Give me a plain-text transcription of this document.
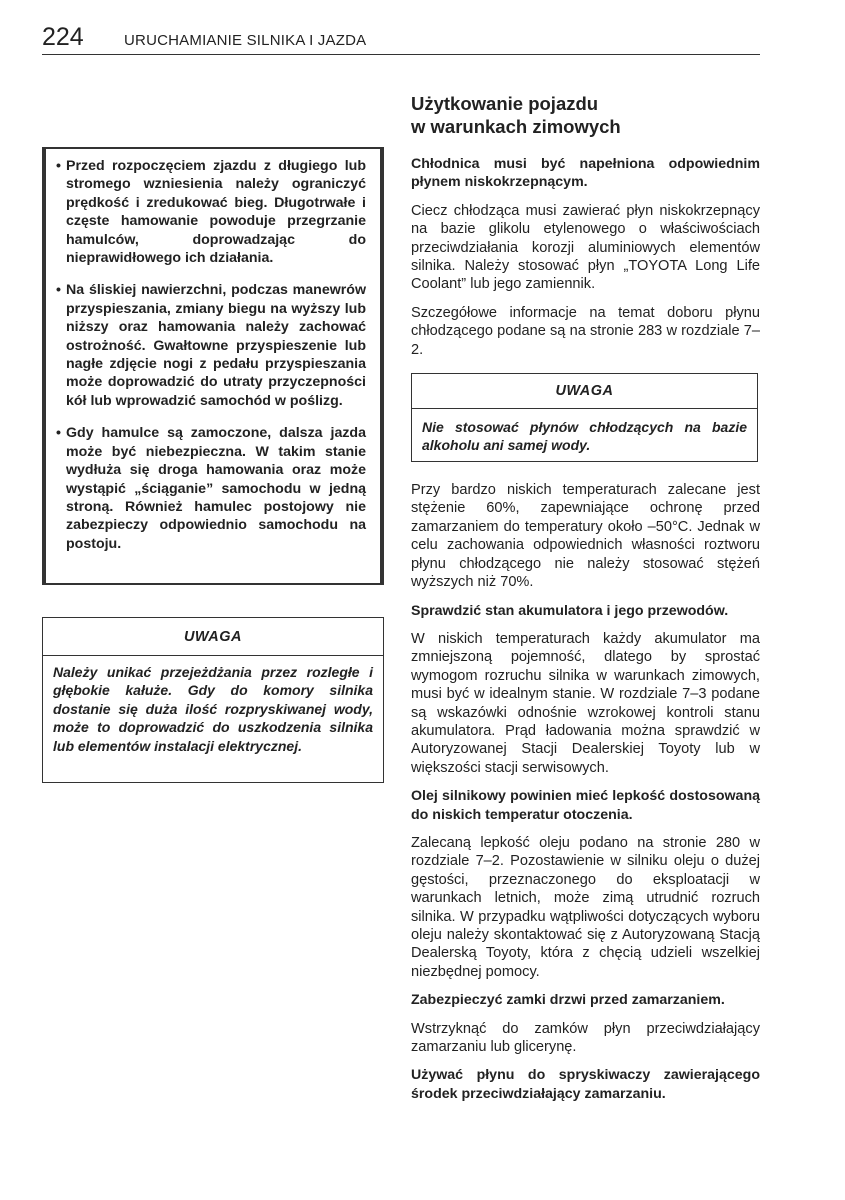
224	URUCHAMIANIE SILNIKA I JAZDA
• Przed rozpoczęciem zjazdu z długiego lub stromego wzniesienia należy ograniczyć prędkość i zredukować bieg. Długotrwałe i częste hamowanie powoduje przegrzanie hamulców, doprowadzając do nieprawidłowego ich działania.
• Na śliskiej nawierzchni, podczas manewrów przyspieszania, zmiany biegu na wyższy lub niższy oraz hamowania należy zachować ostrożność. Gwałtowne przyspieszenie lub nagłe zdjęcie nogi z pedału przyspieszania może doprowadzić do utraty przyczepności kół lub wprowadzić samochód w poślizg.
• Gdy hamulce są zamoczone, dalsza jazda może być niebezpieczna. W takim stanie wydłuża się droga hamowania oraz może wystąpić „ściąganie” samochodu w jedną stroną. Również hamulec postojowy nie zabezpieczy odpowiednio samochodu na postoju.
UWAGA
Należy unikać przejeżdżania przez rozległe i głębokie kałuże. Gdy do komory silnika dostanie się duża ilość rozpryskiwanej wody, może to doprowadzić do uszkodzenia silnika lub elementów instalacji elektrycznej.
Użytkowanie pojazdu
w warunkach zimowych

Chłodnica musi być napełniona odpowiednim płynem niskokrzepnącym.

Ciecz chłodząca musi zawierać płyn niskokrzepnący na bazie glikolu etylenowego o właściwościach przeciwdziałania korozji aluminiowych elementów silnika. Należy stosować płyn „TOYOTA Long Life Coolant” lub jego zamiennik.

Szczegółowe informacje na temat doboru płynu chłodzącego podane są na stronie 283 w rozdziale 7–2.

UWAGA
Nie stosować płynów chłodzących na bazie alkoholu ani samej wody.

Przy bardzo niskich temperaturach zalecane jest stężenie 60%, zapewniające ochronę przed zamarzaniem do temperatury około –50°C. Jednak w celu zachowania odpowiednich własności roztworu płynu chłodzącego nie należy stosować stężeń wyższych niż 70%.

Sprawdzić stan akumulatora i jego przewodów.

W niskich temperaturach każdy akumulator ma zmniejszoną pojemność, dlatego by sprostać wymogom rozruchu silnika w warunkach zimowych, musi być w idealnym stanie. W rozdziale 7–3 podane są wskazówki odnośnie wzrokowej kontroli stanu akumulatora. Prąd ładowania można sprawdzić w Autoryzowanej Stacji Dealerskiej Toyoty lub w większości stacji serwisowych.

Olej silnikowy powinien mieć lepkość dostosowaną do niskich temperatur otoczenia.

Zalecaną lepkość oleju podano na stronie 280 w rozdziale 7–2. Pozostawienie w silniku oleju o dużej gęstości, przeznaczonego do eksploatacji w warunkach letnich, może zimą utrudnić rozruch silnika. W przypadku wątpliwości dotyczących wyboru oleju należy skontaktować się z Autoryzowaną Stacją Dealerską Toyoty, która z chęcią udzieli wszelkiej niezbędnej pomocy.

Zabezpieczyć zamki drzwi przed zamarzaniem.

Wstrzyknąć do zamków płyn przeciwdziałający zamarzaniu lub glicerynę.

Używać płynu do spryskiwaczy zawierającego środek przeciwdziałający zamarzaniu.
